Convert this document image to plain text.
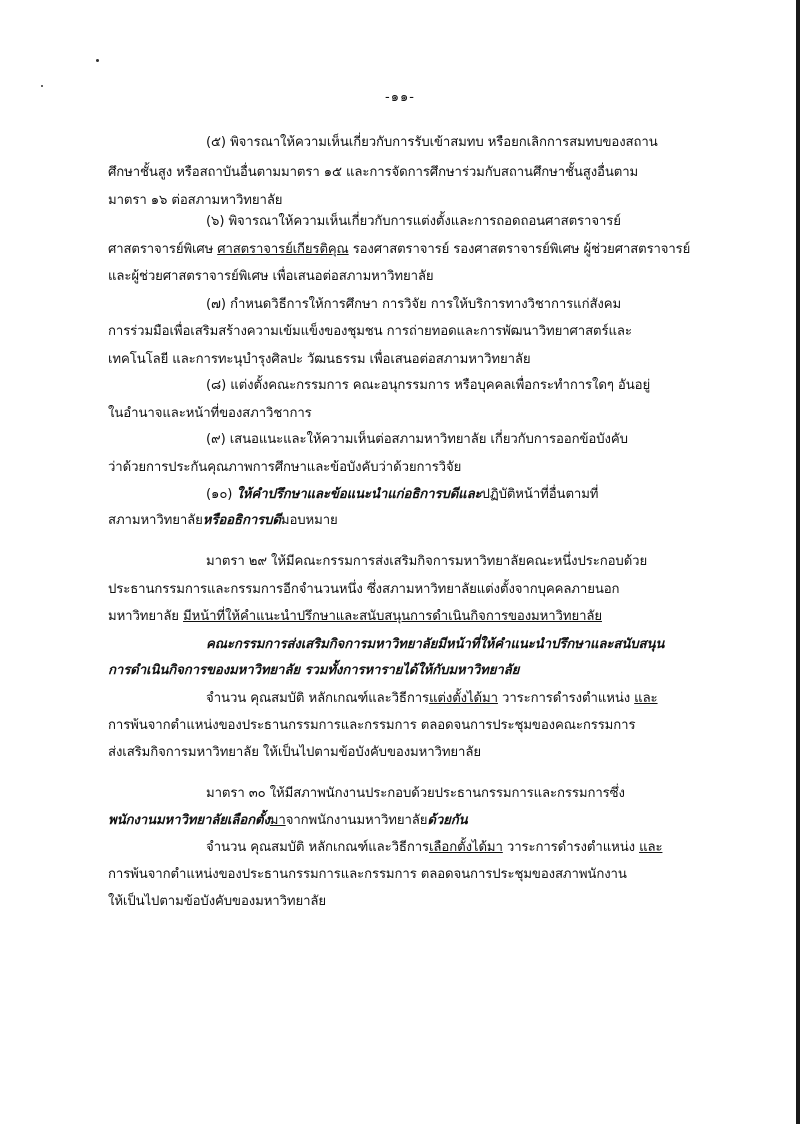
-๑๑-
(๕) พิจารณาให้ความเห็นเกี่ยวกับการรับเข้าสมทบ หรือยกเลิกการสมทบของสถาน
ศึกษาชั้นสูง หรือสถาบันอื่นตามมาตรา ๑๕ และการจัดการศึกษาร่วมกับสถานศึกษาชั้นสูงอื่นตาม
มาตรา ๑๖ ต่อสภามหาวิทยาลัย
(๖) พิจารณาให้ความเห็นเกี่ยวกับการแต่งตั้งและการถอดถอนศาสตราจารย์
ศาสตราจารย์พิเศษ ศาสตราจารย์เกียรติคุณ รองศาสตราจารย์ รองศาสตราจารย์พิเศษ ผู้ช่วยศาสตราจารย์
และผู้ช่วยศาสตราจารย์พิเศษ เพื่อเสนอต่อสภามหาวิทยาลัย
(๗) กำหนดวิธีการให้การศึกษา การวิจัย การให้บริการทางวิชาการแก่สังคม
การร่วมมือเพื่อเสริมสร้างความเข้มแข็งของชุมชน การถ่ายทอดและการพัฒนาวิทยาศาสตร์และ
เทคโนโลยี และการทะนุบำรุงศิลปะ วัฒนธรรม เพื่อเสนอต่อสภามหาวิทยาลัย
(๘) แต่งตั้งคณะกรรมการ คณะอนุกรรมการ หรือบุคคลเพื่อกระทำการใดๆ อันอยู่
ในอำนาจและหน้าที่ของสภาวิชาการ
(๙) เสนอแนะและให้ความเห็นต่อสภามหาวิทยาลัย เกี่ยวกับการออกข้อบังคับ
ว่าด้วยการประกันคุณภาพการศึกษาและข้อบังคับว่าด้วยการวิจัย
(๑๐) ให้คำปรึกษาและข้อแนะนำแก่อธิการบดีและปฏิบัติหน้าที่อื่นตามที่
สภามหาวิทยาลัยหรืออธิการบดีมอบหมาย
มาตรา ๒๙ ให้มีคณะกรรมการส่งเสริมกิจการมหาวิทยาลัยคณะหนึ่งประกอบด้วย
ประธานกรรมการและกรรมการอีกจำนวนหนึ่ง ซึ่งสภามหาวิทยาลัยแต่งตั้งจากบุคคลภายนอก
มหาวิทยาลัย มีหน้าที่ให้คำแนะนำปรึกษาและสนับสนุนการดำเนินกิจการของมหาวิทยาลัย
คณะกรรมการส่งเสริมกิจการมหาวิทยาลัยมีหน้าที่ให้คำแนะนำปรึกษาและสนับสนุน
การดำเนินกิจการของมหาวิทยาลัย รวมทั้งการหารายได้ให้กับมหาวิทยาลัย
จำนวน คุณสมบัติ หลักเกณฑ์และวิธีการแต่งตั้งได้มา วาระการดำรงตำแหน่ง และ
การพ้นจากตำแหน่งของประธานกรรมการและกรรมการ ตลอดจนการประชุมของคณะกรรมการ
ส่งเสริมกิจการมหาวิทยาลัย ให้เป็นไปตามข้อบังคับของมหาวิทยาลัย
มาตรา ๓๐ ให้มีสภาพนักงานประกอบด้วยประธานกรรมการและกรรมการซึ่ง
พนักงานมหาวิทยาลัยเลือกตั้งมาจากพนักงานมหาวิทยาลัยด้วยกัน
จำนวน คุณสมบัติ หลักเกณฑ์และวิธีการเลือกตั้งได้มา วาระการดำรงตำแหน่ง และ
การพ้นจากตำแหน่งของประธานกรรมการและกรรมการ ตลอดจนการประชุมของสภาพนักงาน
ให้เป็นไปตามข้อบังคับของมหาวิทยาลัย
